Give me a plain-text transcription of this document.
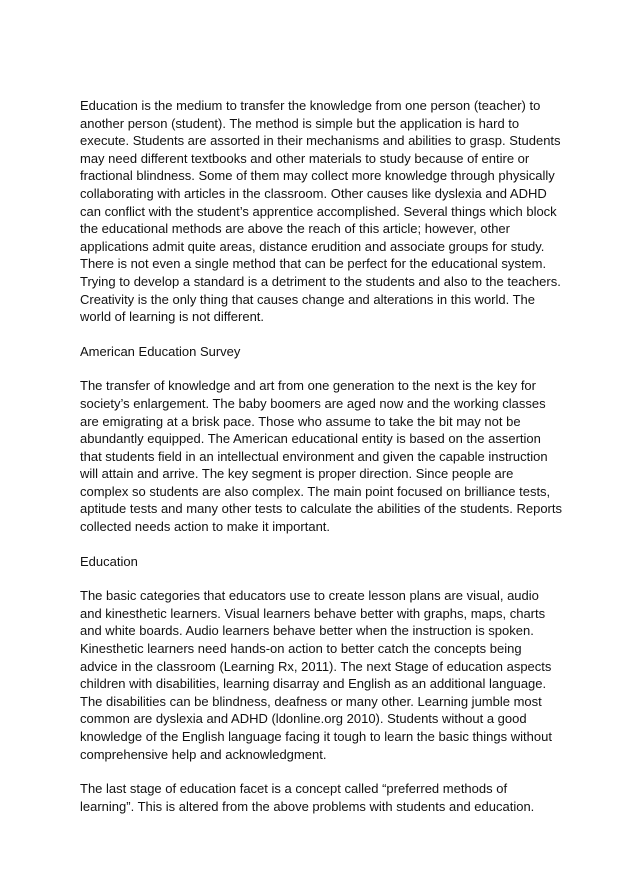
Education is the medium to transfer the knowledge from one person (teacher) to another person (student). The method is simple but the application is hard to execute. Students are assorted in their mechanisms and abilities to grasp. Students may need different textbooks and other materials to study because of entire or fractional blindness. Some of them may collect more knowledge through physically collaborating with articles in the classroom. Other causes like dyslexia and ADHD can conflict with the student’s apprentice accomplished. Several things which block the educational methods are above the reach of this article; however, other applications admit quite areas, distance erudition and associate groups for study. There is not even a single method that can be perfect for the educational system. Trying to develop a standard is a detriment to the students and also to the teachers. Creativity is the only thing that causes change and alterations in this world. The world of learning is not different.

American Education Survey

The transfer of knowledge and art from one generation to the next is the key for society’s enlargement. The baby boomers are aged now and the working classes are emigrating at a brisk pace. Those who assume to take the bit may not be abundantly equipped. The American educational entity is based on the assertion that students field in an intellectual environment and given the capable instruction will attain and arrive. The key segment is proper direction. Since people are complex so students are also complex. The main point focused on brilliance tests, aptitude tests and many other tests to calculate the abilities of the students. Reports collected needs action to make it important.

Education

The basic categories that educators use to create lesson plans are visual, audio and kinesthetic learners. Visual learners behave better with graphs, maps, charts and white boards. Audio learners behave better when the instruction is spoken. Kinesthetic learners need hands-on action to better catch the concepts being advice in the classroom (Learning Rx, 2011). The next Stage of education aspects children with disabilities, learning disarray and English as an additional language. The disabilities can be blindness, deafness or many other. Learning jumble most common are dyslexia and ADHD (ldonline.org 2010). Students without a good knowledge of the English language facing it tough to learn the basic things without comprehensive help and acknowledgment.

The last stage of education facet is a concept called “preferred methods of learning”. This is altered from the above problems with students and education.
